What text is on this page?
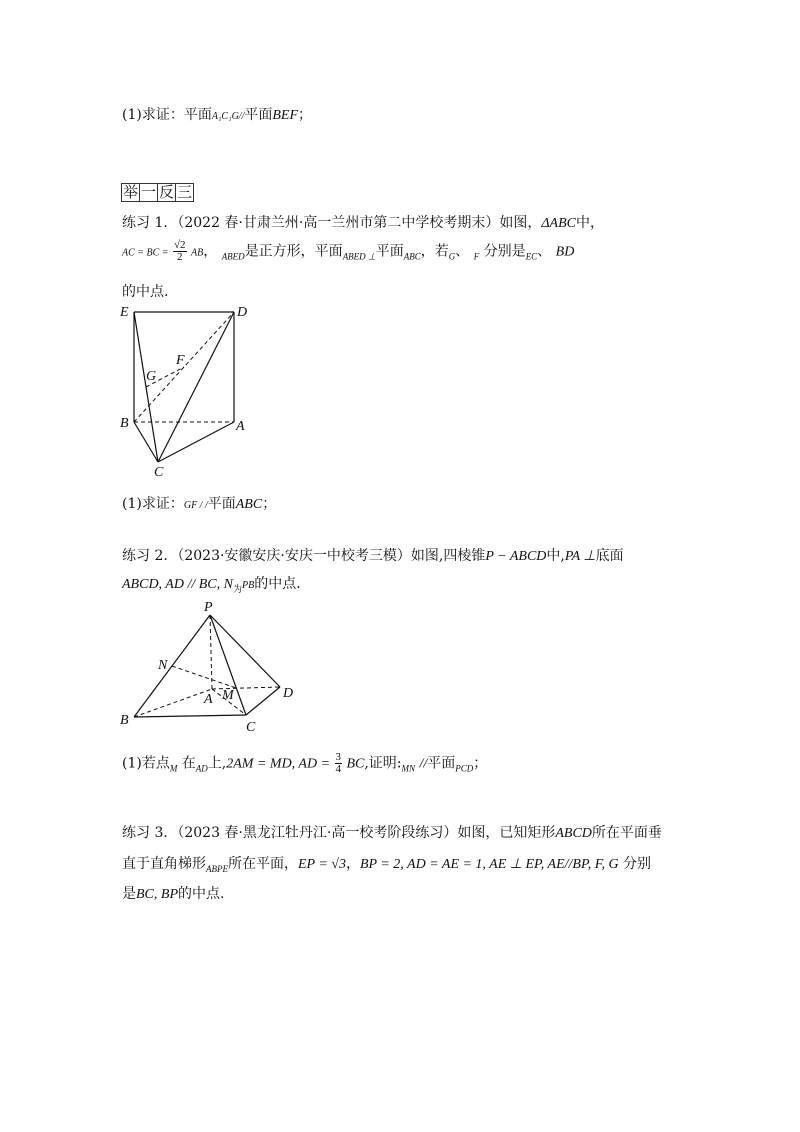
(1)求证：平面A₁C₁G//平面BEF；
举 一 反 三
练习 1．（2022 春·甘肃兰州·高一兰州市第二中学校考期末）如图，ΔABC中，
AC = BC = $\frac{√2}{2}$ AB， $_{ABED}$是正方形，平面$_{ABED \perp}$平面$_{ABC}$，若$_G$、 $_F$ 分别是$_{EC}$、 BD
的中点.
E	D
F
G
B	A
C
(1)求证：GF / /平面ABC；
练习 2．（2023·安徽安庆·安庆一中校考三模）如图,四棱锥P − ABCD中,PA ⊥底面
ABCD, AD // BC, $N_为PB$的中点.
P
N
A M	D
B	C
(1)若点$_M$ 在$_{AD}$上,2AM = MD, AD = $\frac{3}{4}$ BC,证明$:_{MN}$ //平面$_{PCD}$；
练习 3．（2023 春·黑龙江牡丹江·高一校考阶段练习）如图，已知矩形ABCD所在平面垂
直于直角梯形$_{ABPE}$所在平面，EP = √3，BP = 2, AD = AE = 1, AE ⊥ EP, AE//BP, F, G 分别
是BC, BP的中点.
